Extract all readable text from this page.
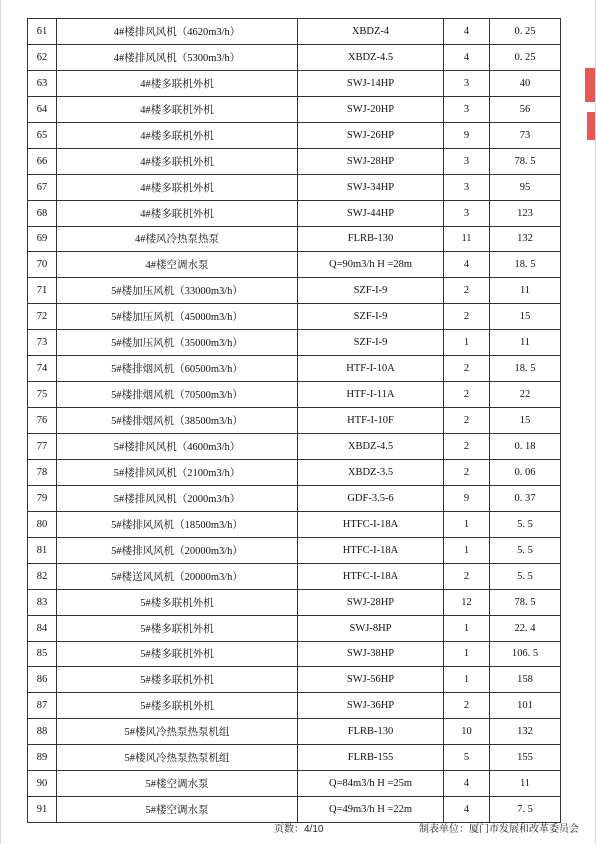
61	4#楼排风风机（4620m3/h）	XBDZ-4	4	0. 25
62	4#楼排风风机（5300m3/h）	XBDZ-4.5	4	0. 25
63	4#楼多联机外机	SWJ-14HP	3	40
64	4#楼多联机外机	SWJ-20HP	3	56
65	4#楼多联机外机	SWJ-26HP	9	73
66	4#楼多联机外机	SWJ-28HP	3	78. 5
67	4#楼多联机外机	SWJ-34HP	3	95
68	4#楼多联机外机	SWJ-44HP	3	123
69	4#楼风冷热泵热泵	FLRB-130	11	132
70	4#楼空调水泵	Q=90m3/h H =28m	4	18. 5
71	5#楼加压风机（33000m3/h）	SZF-I-9	2	11
72	5#楼加压风机（45000m3/h）	SZF-I-9	2	15
73	5#楼加压风机（35000m3/h）	SZF-I-9	1	11
74	5#楼排烟风机（60500m3/h）	HTF-I-10A	2	18. 5
75	5#楼排烟风机（70500m3/h）	HTF-I-11A	2	22
76	5#楼排烟风机（38500m3/h）	HTF-I-10F	2	15
77	5#楼排风风机（4600m3/h）	XBDZ-4.5	2	0. 18
78	5#楼排风风机（2100m3/h）	XBDZ-3.5	2	0. 06
79	5#楼排风风机（2000m3/h）	GDF-3.5-6	9	0. 37
80	5#楼排风风机（18500m3/h）	HTFC-I-18A	1	5. 5
81	5#楼排风风机（20000m3/h）	HTFC-I-18A	1	5. 5
82	5#楼送风风机（20000m3/h）	HTFC-I-18A	2	5. 5
83	5#楼多联机外机	SWJ-28HP	12	78. 5
84	5#楼多联机外机	SWJ-8HP	1	22. 4
85	5#楼多联机外机	SWJ-38HP	1	106. 5
86	5#楼多联机外机	SWJ-56HP	1	158
87	5#楼多联机外机	SWJ-36HP	2	101
88	5#楼风冷热泵热泵机组	FLRB-130	10	132
89	5#楼风冷热泵热泵机组	FLRB-155	5	155
90	5#楼空调水泵	Q=84m3/h H =25m	4	11
91	5#楼空调水泵	Q=49m3/h H =22m	4	7. 5
页数：4/10	制表单位：厦门市发展和改革委员会
